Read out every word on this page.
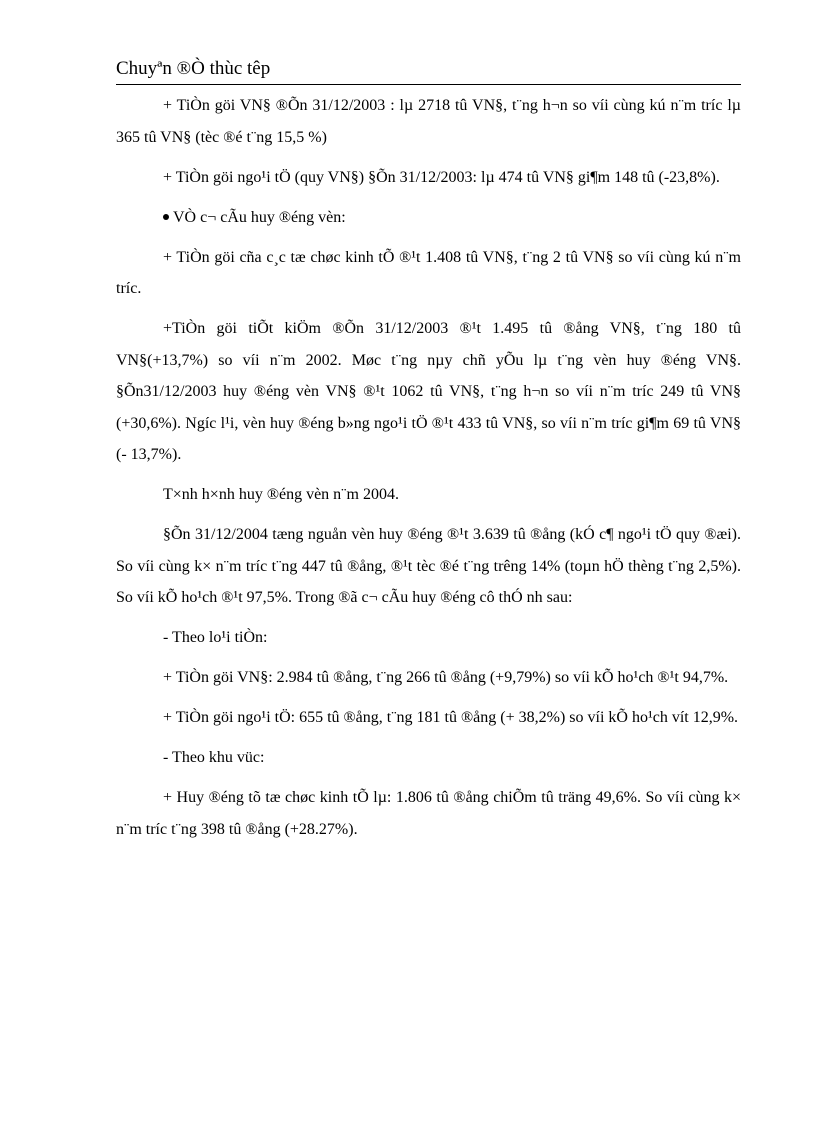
Chuyªn ®Ò thùc têp

+ TiÒn göi VN§ ®Õn 31/12/2003 : lµ 2718 tû VN§, t¨ng h¬n so víi cùng kú n¨m tríc lµ 365 tû VN§ (tèc ®é t¨ng 15,5 %)

+ TiÒn göi ngo¹i tÖ (quy VN§) §Õn 31/12/2003: lµ 474 tû VN§ gi¶m 148 tû (-23,8%).

VÒ c¬ cÃu huy ®éng vèn:

+ TiÒn göi cña c¸c tæ chøc kinh tÕ ®¹t 1.408 tû VN§, t¨ng 2 tû VN§ so víi cùng kú n¨m tríc.

+TiÒn göi tiÕt kiÖm ®Õn 31/12/2003 ®¹t 1.495 tû ®ång VN§, t¨ng 180 tû VN§(+13,7%) so víi n¨m 2002. Møc t¨ng nµy chñ yÕu lµ t¨ng vèn huy ®éng VN§. §Õn31/12/2003 huy ®éng vèn VN§ ®¹t 1062 tû VN§, t¨ng h¬n so víi n¨m tríc 249 tû VN§ (+30,6%). Ngíc l¹i, vèn huy ®éng b»ng ngo¹i tÖ ®¹t 433 tû VN§, so víi n¨m tríc gi¶m 69 tû VN§ (- 13,7%).

T×nh h×nh huy ®éng vèn n¨m 2004.

§Õn 31/12/2004 tæng nguån vèn huy ®éng ®¹t 3.639 tû ®ång (kÓ c¶ ngo¹i tÖ quy ®æi). So víi cùng k× n¨m tríc t¨ng 447 tû ®ång, ®¹t tèc ®é t¨ng trêng 14% (toµn hÖ thèng t¨ng 2,5%). So víi kÕ ho¹ch ®¹t 97,5%. Trong ®ã c¬ cÃu huy ®éng cô thÓ nh sau:

- Theo lo¹i tiÒn:

+ TiÒn göi VN§: 2.984 tû ®ång, t¨ng 266 tû ®ång (+9,79%) so víi kÕ ho¹ch ®¹t 94,7%.

+ TiÒn göi ngo¹i tÖ: 655 tû ®ång, t¨ng 181 tû ®ång (+ 38,2%) so víi kÕ ho¹ch vít 12,9%.

- Theo khu vüc:

+ Huy ®éng tõ tæ chøc kinh tÕ lµ: 1.806 tû ®ång chiÕm tû träng 49,6%. So víi cùng k× n¨m tríc t¨ng 398 tû ®ång (+28.27%).
